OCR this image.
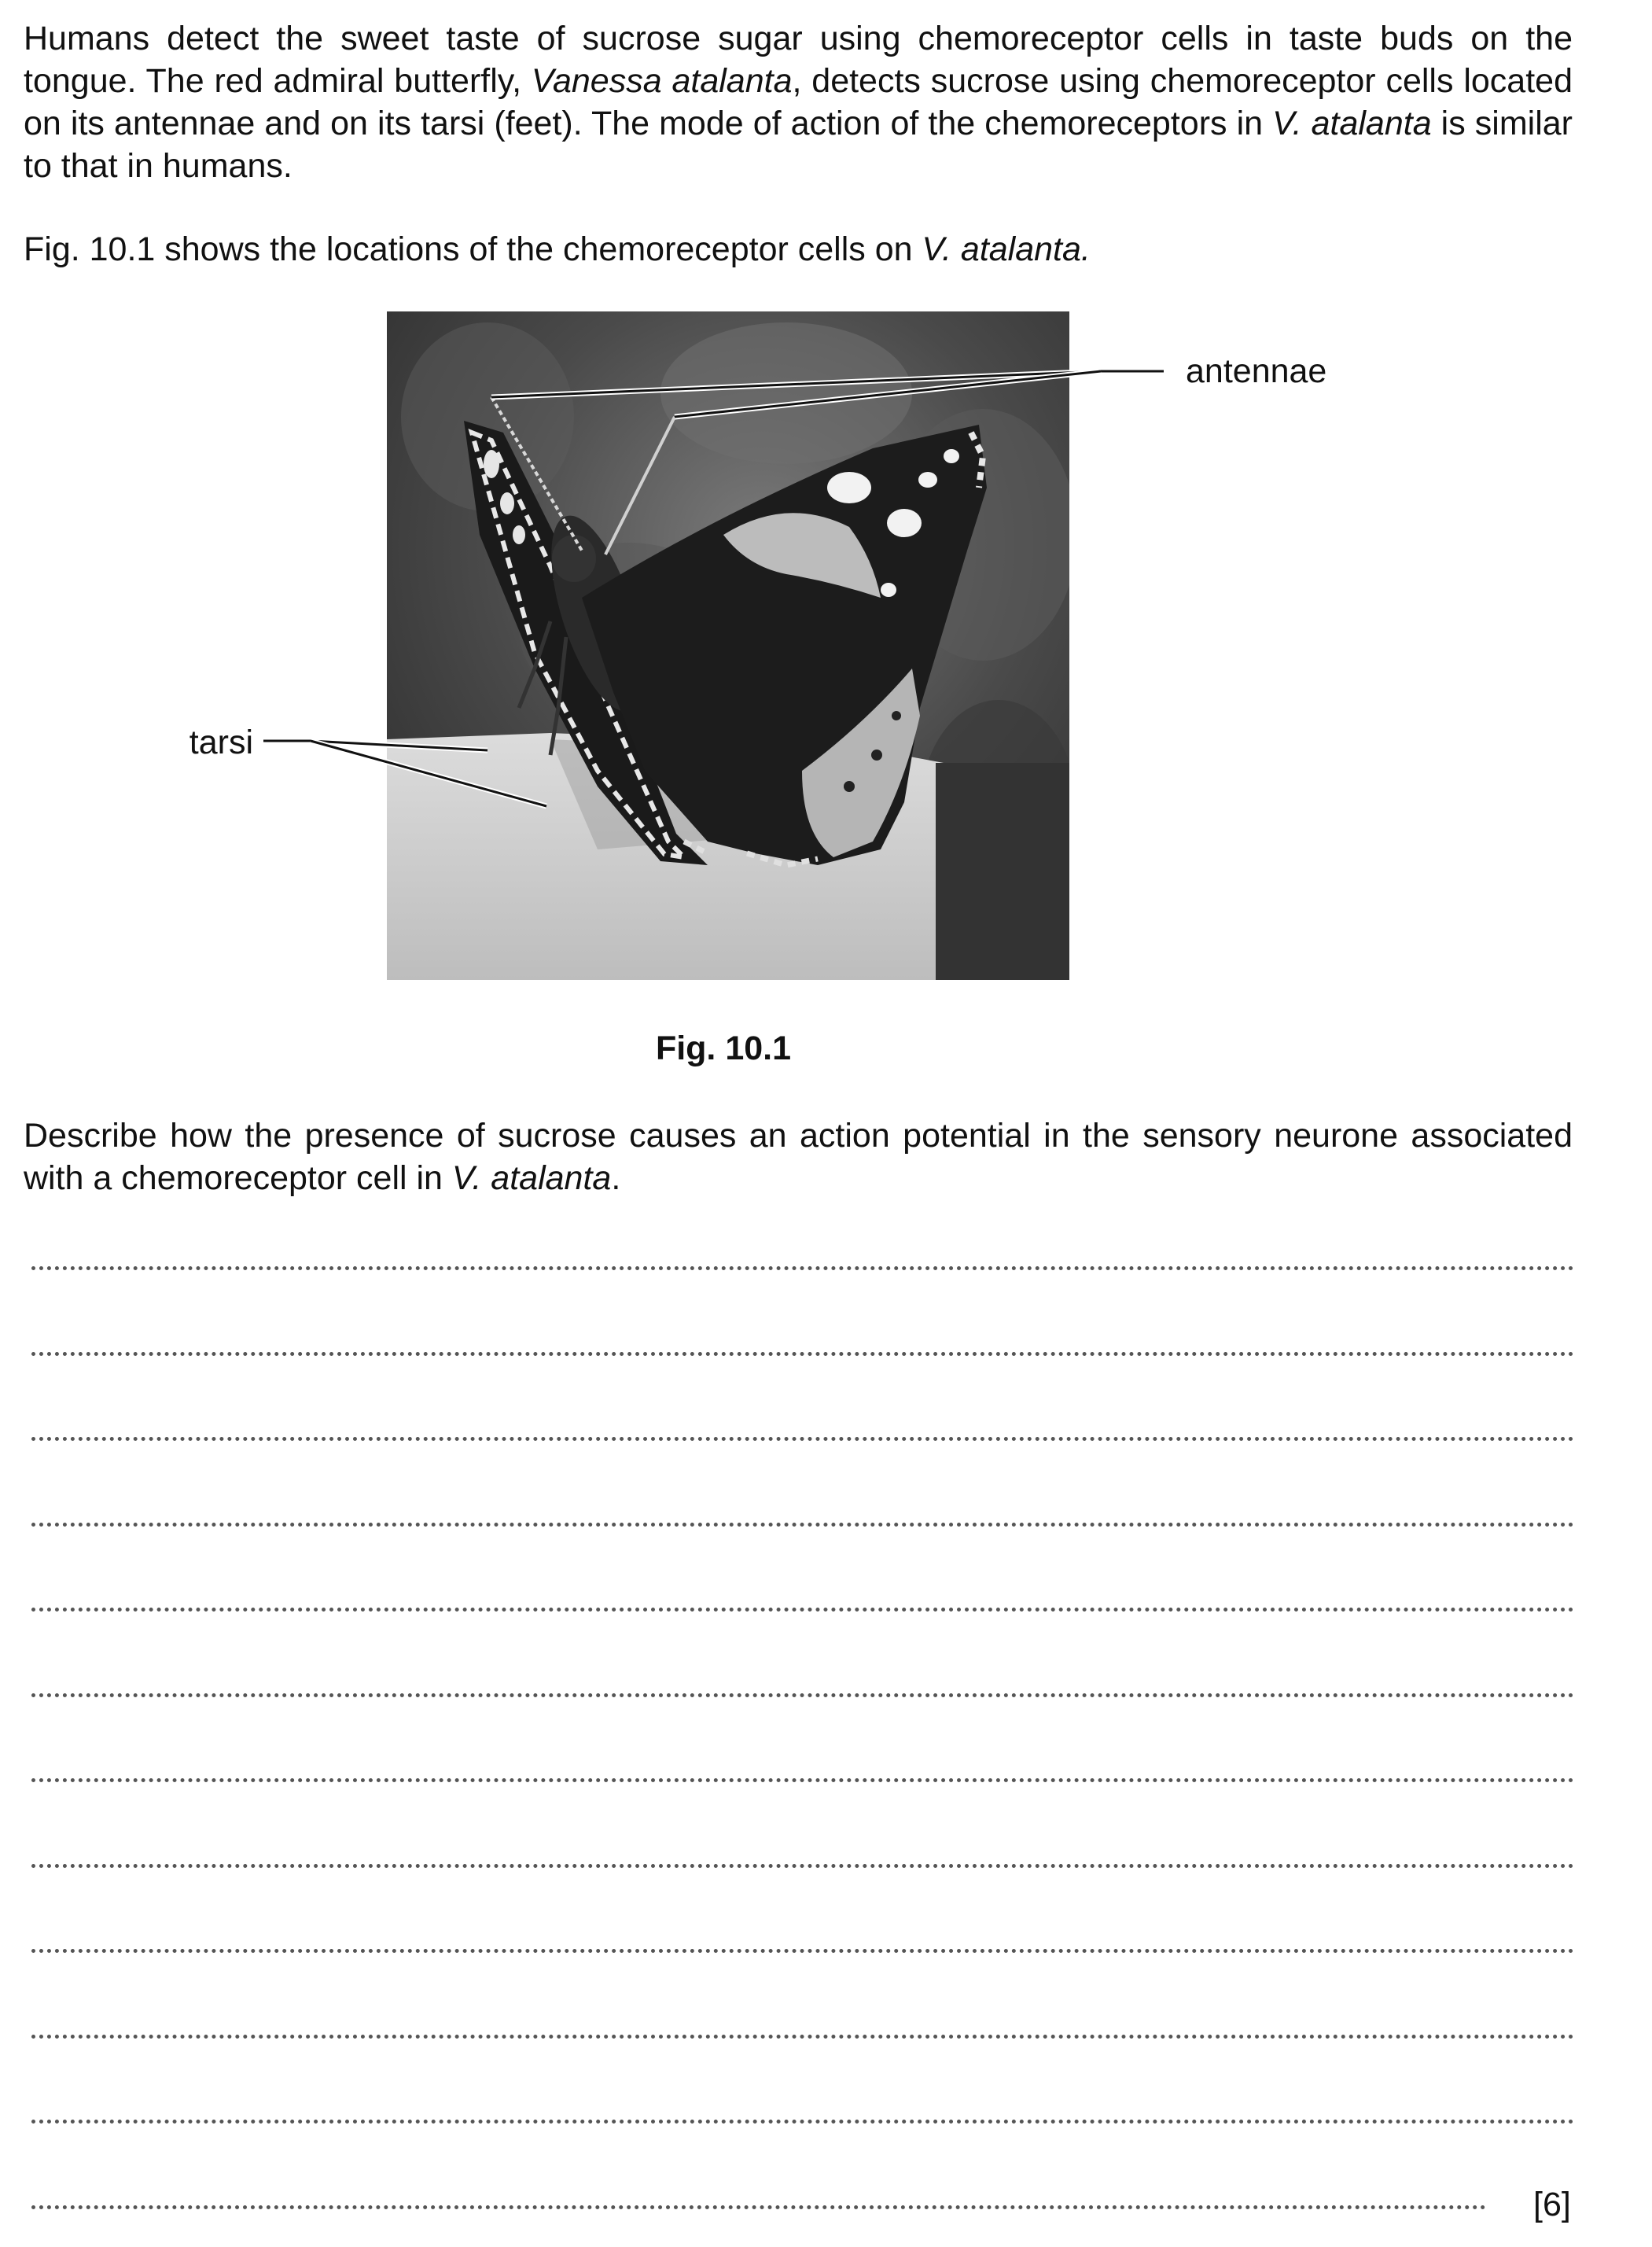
Humans detect the sweet taste of sucrose sugar using chemoreceptor cells in taste buds on the tongue. The red admiral butterfly, Vanessa atalanta, detects sucrose using chemoreceptor cells located on its antennae and on its tarsi (feet). The mode of action of the chemoreceptors in V. atalanta is similar to that in humans.

Fig. 10.1 shows the locations of the chemoreceptor cells on V. atalanta.

antennae
tarsi
Fig. 10.1

Describe how the presence of sucrose causes an action potential in the sensory neurone associated with a chemoreceptor cell in V. atalanta.

[6]
